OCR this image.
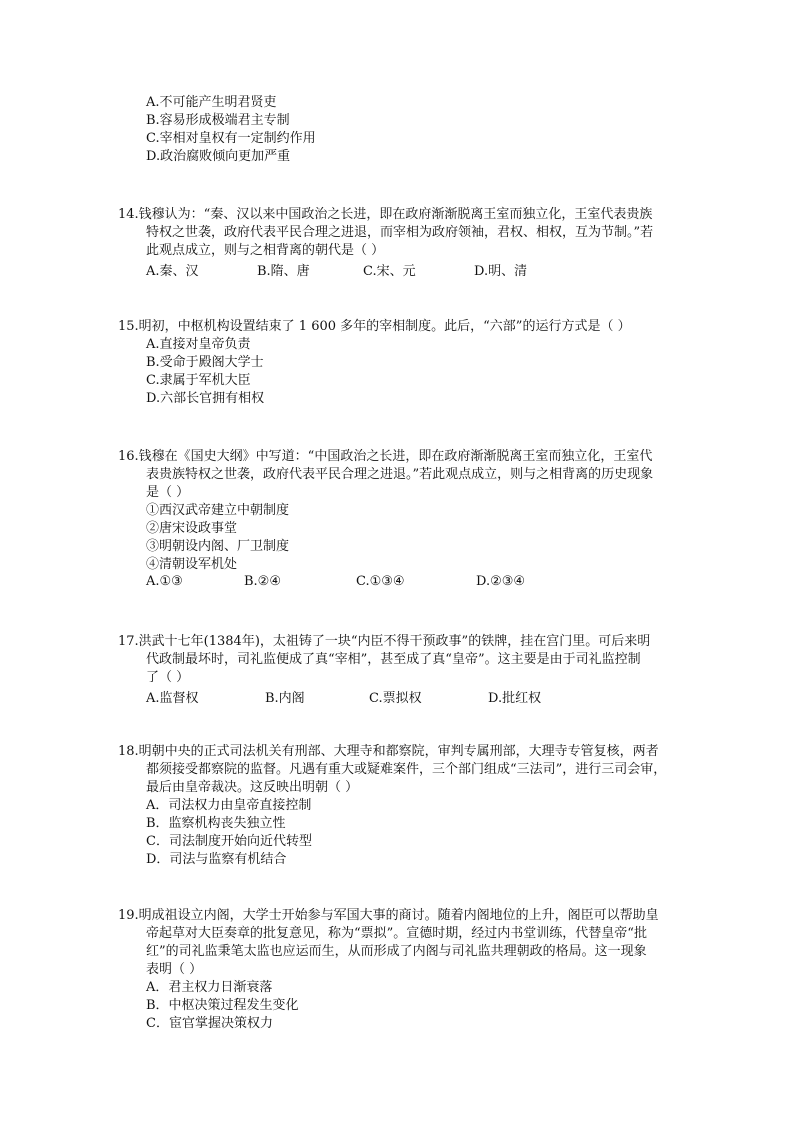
A.不可能产生明君贤吏
B.容易形成极端君主专制
C.宰相对皇权有一定制约作用
D.政治腐败倾向更加严重
14.钱穆认为：“秦、汉以来中国政治之长进，即在政府渐渐脱离王室而独立化，王室代表贵族
特权之世袭，政府代表平民合理之进退，而宰相为政府领袖，君权、相权，互为节制。”若
此观点成立，则与之相背离的朝代是（ ）
A.秦、汉	B.隋、唐	C.宋、元	D.明、清
15.明初，中枢机构设置结束了 1 600 多年的宰相制度。此后，“六部”的运行方式是（ ）
A.直接对皇帝负责
B.受命于殿阁大学士
C.隶属于军机大臣
D.六部长官拥有相权
16.钱穆在《国史大纲》中写道：“中国政治之长进，即在政府渐渐脱离王室而独立化，王室代
表贵族特权之世袭，政府代表平民合理之进退。”若此观点成立，则与之相背离的历史现象
是（ ）
①西汉武帝建立中朝制度
②唐宋设政事堂
③明朝设内阁、厂卫制度
④清朝设军机处
A.①③	B.②④	C.①③④	D.②③④
17.洪武十七年(1384年)，太祖铸了一块“内臣不得干预政事”的铁牌，挂在宫门里。可后来明
代政制最坏时，司礼监便成了真“宰相”，甚至成了真“皇帝”。这主要是由于司礼监控制
了（ ）
A.监督权	B.内阁	C.票拟权	D.批红权
18.明朝中央的正式司法机关有刑部、大理寺和都察院，审判专属刑部，大理寺专管复核，两者
都须接受都察院的监督。凡遇有重大或疑难案件，三个部门组成“三法司”，进行三司会审，
最后由皇帝裁决。这反映出明朝（ ）
A．司法权力由皇帝直接控制
B．监察机构丧失独立性
C．司法制度开始向近代转型
D．司法与监察有机结合
19.明成祖设立内阁，大学士开始参与军国大事的商讨。随着内阁地位的上升，阁臣可以帮助皇
帝起草对大臣奏章的批复意见，称为“票拟”。宣德时期，经过内书堂训练，代替皇帝“批
红”的司礼监秉笔太监也应运而生，从而形成了内阁与司礼监共理朝政的格局。这一现象
表明（ ）
A．君主权力日渐衰落
B．中枢决策过程发生变化
C．宦官掌握决策权力
